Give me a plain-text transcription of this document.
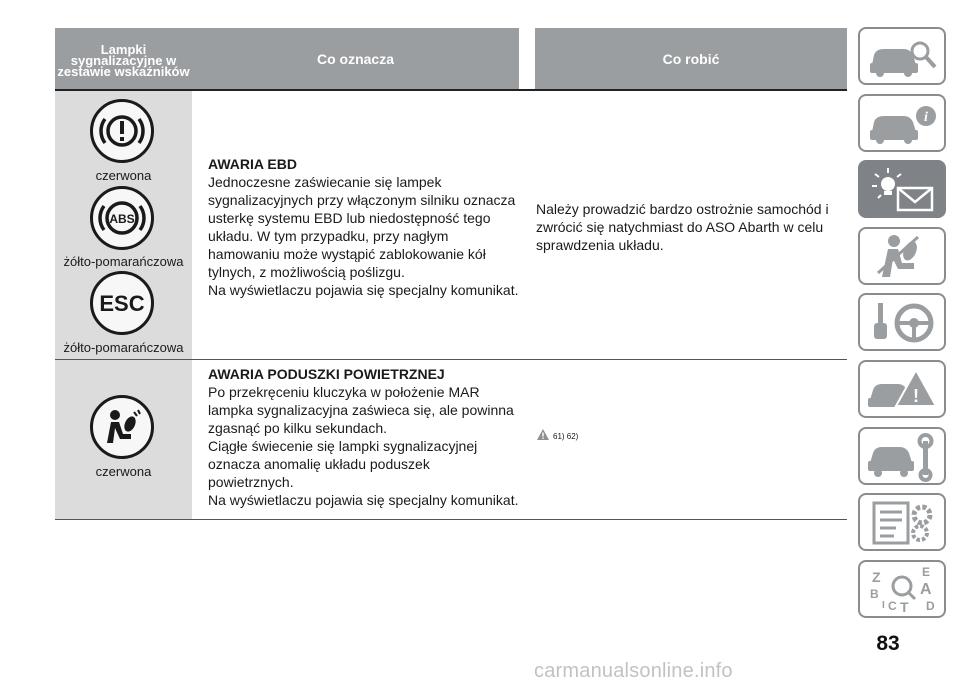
Lampki sygnalizacyjne w zestawie wskaźników
Co oznacza	Co robić
czerwona
ABS
żółto-pomarańczowa
ESC
żółto-pomarańczowa
AWARIA EBD

Jednoczesne zaświecanie się lampek

sygnalizacyjnych przy włączonym silniku oznacza

usterkę systemu EBD lub niedostępność tego

układu. W tym przypadku, przy nagłym

hamowaniu może wystąpić zablokowanie kół

tylnych, z możliwością poślizgu.

Na wyświetlaczu pojawia się specjalny komunikat.

Należy prowadzić bardzo ostrożnie samochód i

zwrócić się natychmiast do ASO Abarth w celu

sprawdzenia układu.

czerwona
AWARIA PODUSZKI POWIETRZNEJ

Po przekręceniu kluczyka w położenie MAR

lampka sygnalizacyjna zaświeca się, ale powinna

zgasnąć po kilku sekundach.

Ciągłe świecenie się lampki sygnalizacyjnej

oznacza anomalię układu poduszek

powietrznych.

Na wyświetlaczu pojawia się specjalny komunikat.

61) 62)
i
!
Z	E
A
B
C T D
I
83
carmanualsonline.info
